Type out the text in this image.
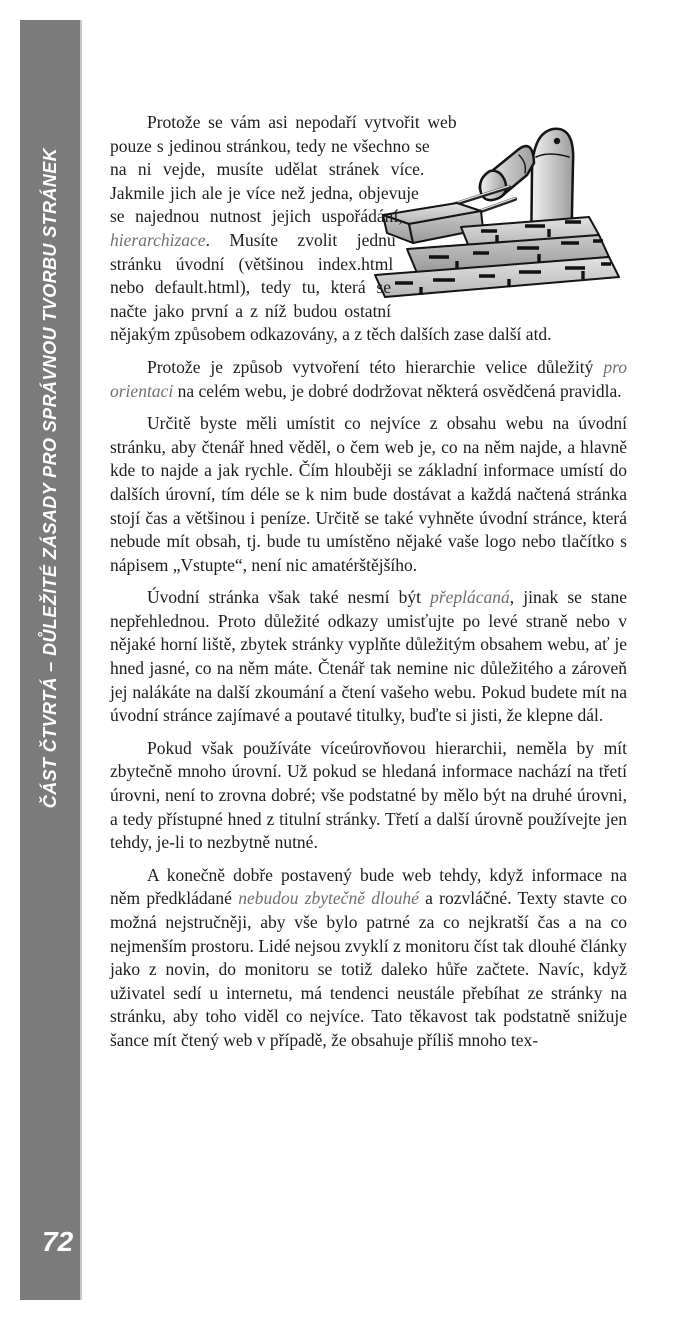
ČÁST ČTVRTÁ – DŮLEŽITÉ ZÁSADY PRO SPRÁVNOU TVORBU STRÁNEK
72

Protože se vám asi nepodaří vytvořit web pouze s jedinou stránkou, tedy ne všechno se na ni vejde, musíte udělat stránek více. Jakmile jich ale je více než jedna, objevuje se najednou nutnost jejich uspořádání, hierarchizace. Musíte zvolit jednu stránku úvodní (většinou index.html nebo default.html), tedy tu, která se načte jako první a z níž budou ostatní nějakým způsobem odkazovány, a z těch dalších zase další atd.

Protože je způsob vytvoření této hierarchie velice důležitý pro orientaci na celém webu, je dobré dodržovat některá osvědčená pravidla.

Určitě byste měli umístit co nejvíce z obsahu webu na úvodní stránku, aby čtenář hned věděl, o čem web je, co na něm najde, a hlavně kde to najde a jak rychle. Čím hlouběji se základní informace umístí do dalších úrovní, tím déle se k nim bude dostávat a každá načtená stránka stojí čas a většinou i peníze. Určitě se také vyhněte úvodní stránce, která nebude mít obsah, tj. bude tu umístěno nějaké vaše logo nebo tlačítko s nápisem „Vstupte“, není nic amatérštějšího.

Úvodní stránka však také nesmí být přeplácaná, jinak se stane nepřehlednou. Proto důležité odkazy umisťujte po levé straně nebo v nějaké horní liště, zbytek stránky vyplňte důležitým obsahem webu, ať je hned jasné, co na něm máte. Čtenář tak nemine nic důležitého a zároveň jej nalákáte na další zkoumání a čtení vašeho webu. Pokud budete mít na úvodní stránce zajímavé a poutavé titulky, buďte si jisti, že klepne dál.

Pokud však používáte víceúrovňovou hierarchii, neměla by mít zbytečně mnoho úrovní. Už pokud se hledaná informace nachází na třetí úrovni, není to zrovna dobré; vše podstatné by mělo být na druhé úrovni, a tedy přístupné hned z titulní stránky. Třetí a další úrovně používejte jen tehdy, je-li to nezbytně nutné.

A konečně dobře postavený bude web tehdy, když informace na něm předkládané nebudou zbytečně dlouhé a rozvláčné. Texty stavte co možná nejstručněji, aby vše bylo patrné za co nejkratší čas a na co nejmenším prostoru. Lidé nejsou zvyklí z monitoru číst tak dlouhé články jako z novin, do monitoru se totiž daleko hůře začtete. Navíc, když uživatel sedí u internetu, má tendenci neustále přebíhat ze stránky na stránku, aby toho viděl co nejvíce. Tato těkavost tak podstatně snižuje šance mít čtený web v případě, že obsahuje příliš mnoho tex-
